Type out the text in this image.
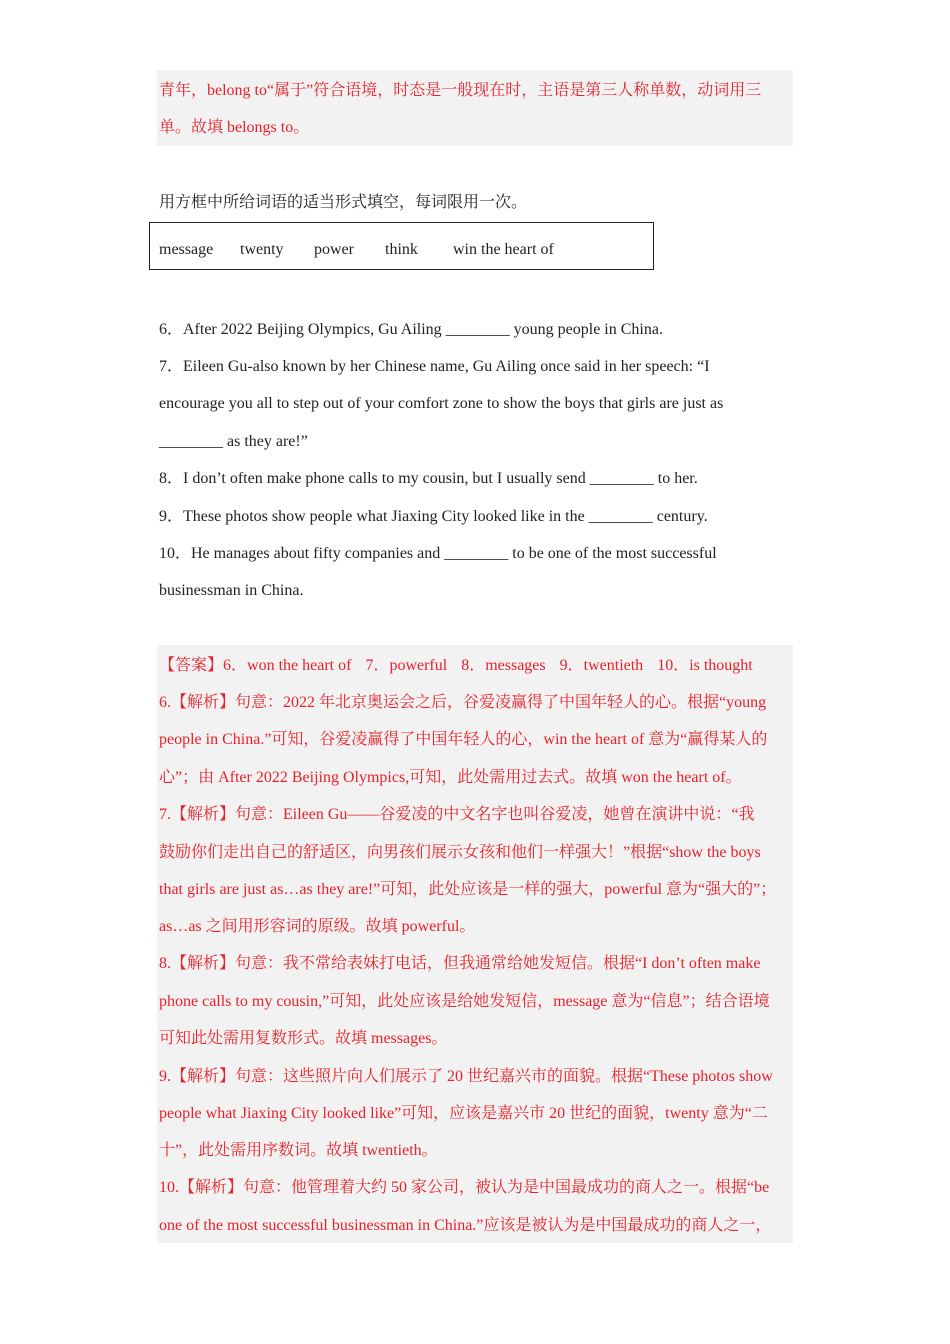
青年，belong to“属于”符合语境，时态是一般现在时，主语是第三人称单数，动词用三
单。故填 belongs to。
用方框中所给词语的适当形式填空，每词限用一次。
message twenty power think win the heart of
6．After 2022 Beijing Olympics, Gu Ailing ________ young people in China.
7．Eileen Gu-also known by her Chinese name, Gu Ailing once said in her speech: “I
encourage you all to step out of your comfort zone to show the boys that girls are just as
________ as they are!”
8．I don’t often make phone calls to my cousin, but I usually send ________ to her.
9．These photos show people what Jiaxing City looked like in the ________ century.
10．He manages about fifty companies and ________ to be one of the most successful
businessman in China.
【答案】6．won the heart of 7．powerful 8．messages 9．twentieth 10．is thought
6.【解析】句意：2022 年北京奥运会之后，谷爱凌赢得了中国年轻人的心。根据“young
people in China.”可知，谷爱凌赢得了中国年轻人的心，win the heart of 意为“赢得某人的
心”；由 After 2022 Beijing Olympics,可知，此处需用过去式。故填 won the heart of。
7.【解析】句意：Eileen Gu——谷爱凌的中文名字也叫谷爱凌，她曾在演讲中说：“我
鼓励你们走出自己的舒适区，向男孩们展示女孩和他们一样强大！”根据“show the boys
that girls are just as…as they are!”可知，此处应该是一样的强大，powerful 意为“强大的”；
as…as 之间用形容词的原级。故填 powerful。
8.【解析】句意：我不常给表妹打电话，但我通常给她发短信。根据“I don’t often make
phone calls to my cousin,”可知，此处应该是给她发短信，message 意为“信息”；结合语境
可知此处需用复数形式。故填 messages。
9.【解析】句意：这些照片向人们展示了 20 世纪嘉兴市的面貌。根据“These photos show
people what Jiaxing City looked like”可知，应该是嘉兴市 20 世纪的面貌，twenty 意为“二
十”，此处需用序数词。故填 twentieth。
10.【解析】句意：他管理着大约 50 家公司，被认为是中国最成功的商人之一。根据“be
one of the most successful businessman in China.”应该是被认为是中国最成功的商人之一，
